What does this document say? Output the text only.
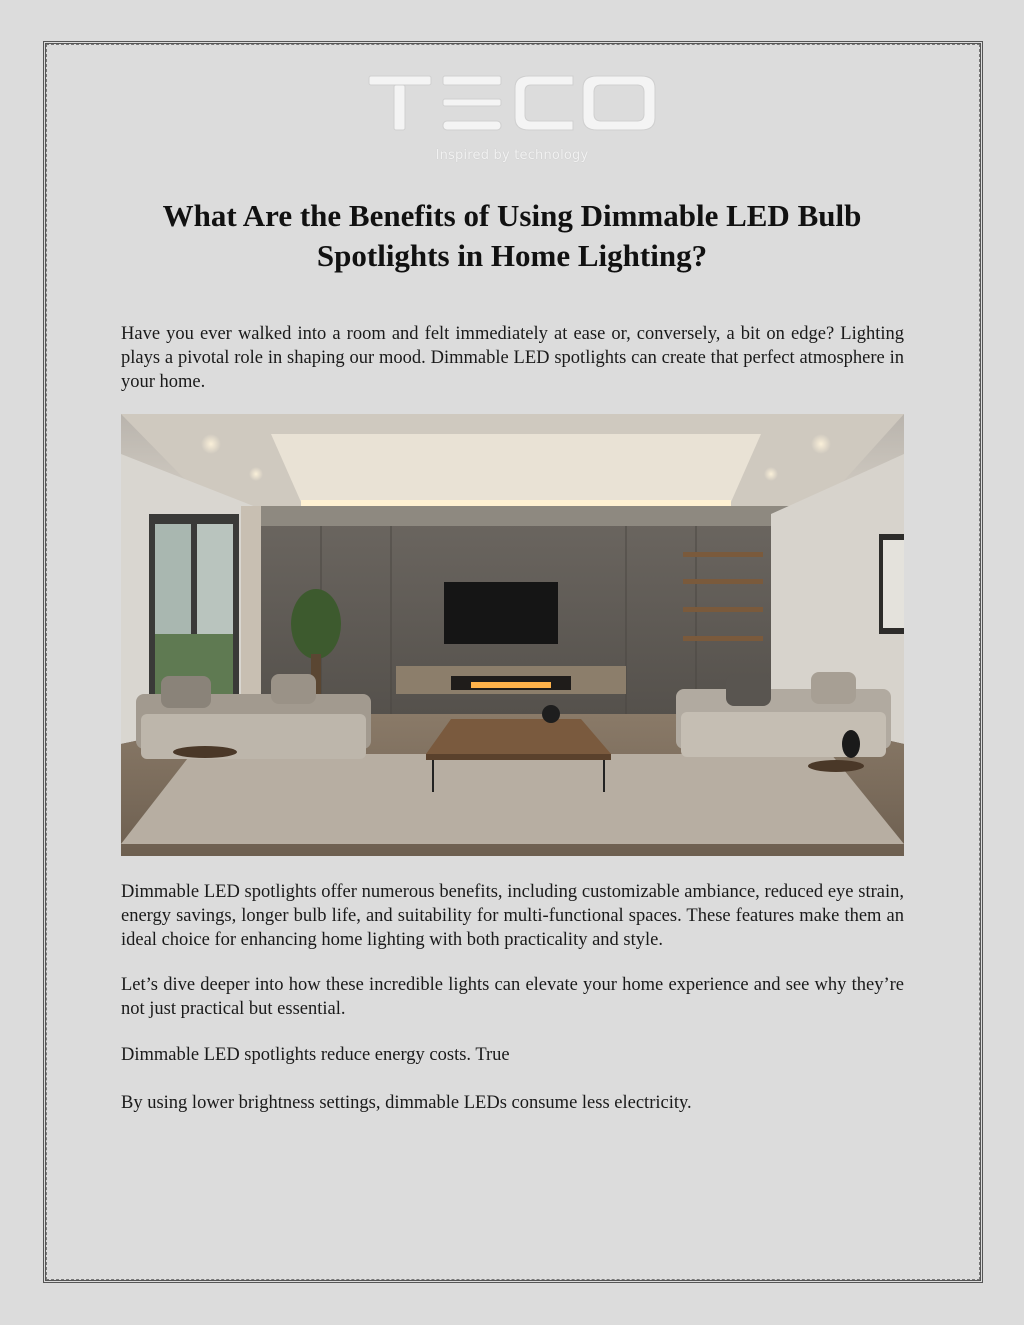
Inspired by technology
What Are the Benefits of Using Dimmable LED Bulb Spotlights in Home Lighting?

Have you ever walked into a room and felt immediately at ease or, conversely, a bit on edge? Lighting plays a pivotal role in shaping our mood. Dimmable LED spotlights can create that perfect atmosphere in your home.

Dimmable LED spotlights offer numerous benefits, including customizable ambiance, reduced eye strain, energy savings, longer bulb life, and suitability for multi-functional spaces. These features make them an ideal choice for enhancing home lighting with both practicality and style.

Let’s dive deeper into how these incredible lights can elevate your home experience and see why they’re not just practical but essential.

Dimmable LED spotlights reduce energy costs. True

By using lower brightness settings, dimmable LEDs consume less electricity.
